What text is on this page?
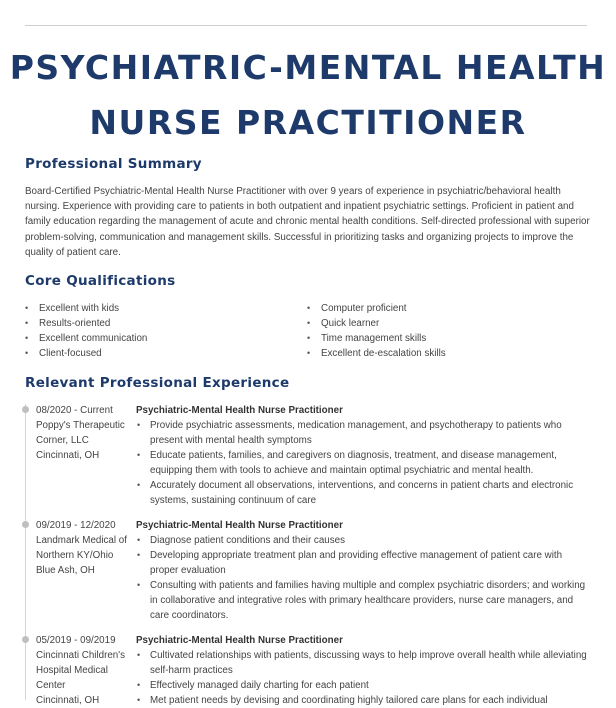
PSYCHIATRIC-MENTAL HEALTH
NURSE PRACTITIONER
Professional Summary
Board-Certified Psychiatric-Mental Health Nurse Practitioner with over 9 years of experience in psychiatric/behavioral health nursing. Experience with providing care to patients in both outpatient and inpatient psychiatric settings. Proficient in patient and family education regarding the management of acute and chronic mental health conditions. Self-directed professional with superior problem-solving, communication and management skills. Successful in prioritizing tasks and organizing projects to improve the quality of patient care.
Core Qualifications
• Excellent with kids
• Results-oriented
• Excellent communication
• Client-focused
• Computer proficient
• Quick learner
• Time management skills
• Excellent de-escalation skills
Relevant Professional Experience
08/2020 - Current
Poppy's Therapeutic Corner, LLC
Cincinnati, OH
Psychiatric-Mental Health Nurse Practitioner
• Provide psychiatric assessments, medication management, and psychotherapy to patients who present with mental health symptoms
• Educate patients, families, and caregivers on diagnosis, treatment, and disease management, equipping them with tools to achieve and maintain optimal psychiatric and mental health.
• Accurately document all observations, interventions, and concerns in patient charts and electronic systems, sustaining continuum of care
09/2019 - 12/2020
Landmark Medical of Northern KY/Ohio
Blue Ash, OH
Psychiatric-Mental Health Nurse Practitioner
• Diagnose patient conditions and their causes
• Developing appropriate treatment plan and providing effective management of patient care with proper evaluation
• Consulting with patients and families having multiple and complex psychiatric disorders; and working in collaborative and integrative roles with primary healthcare providers, nurse care managers, and care coordinators.
05/2019 - 09/2019
Cincinnati Children's Hospital Medical Center
Cincinnati, OH
Psychiatric-Mental Health Nurse Practitioner
• Cultivated relationships with patients, discussing ways to help improve overall health while alleviating self-harm practices
• Effectively managed daily charting for each patient
• Met patient needs by devising and coordinating highly tailored care plans for each individual
